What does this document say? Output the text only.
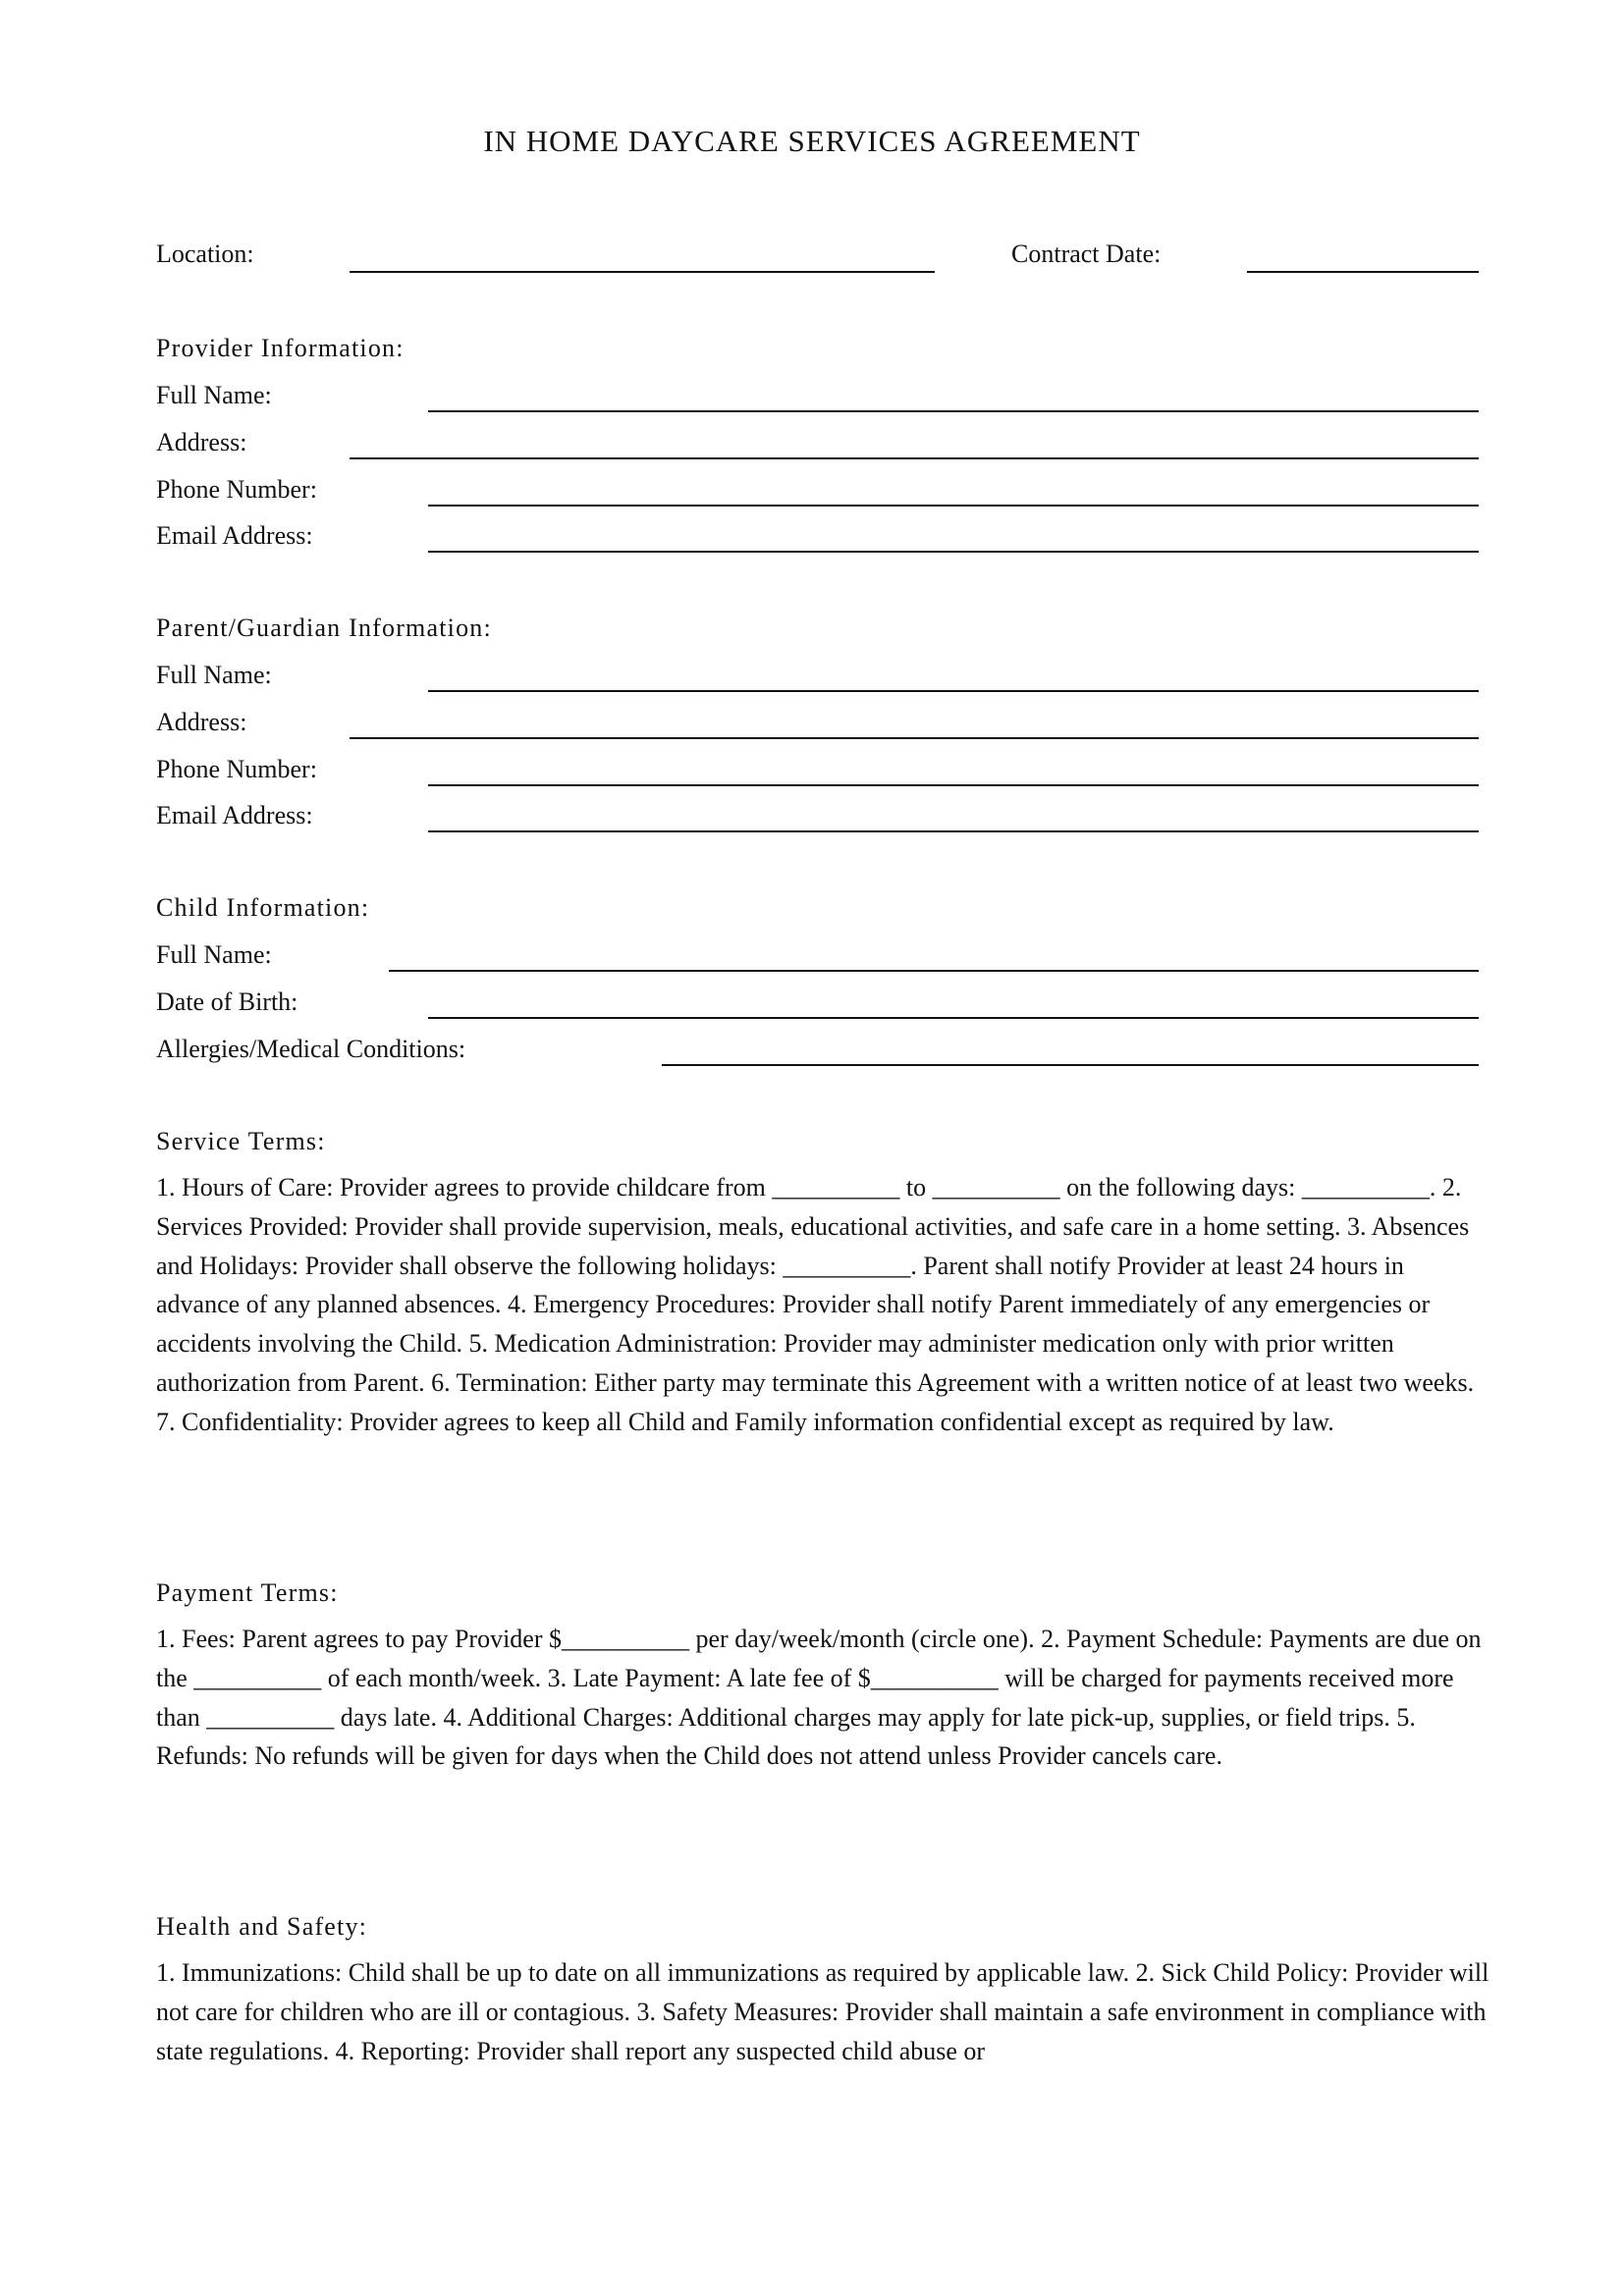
IN HOME DAYCARE SERVICES AGREEMENT
Location:	Contract Date:
Provider Information:
Full Name:
Address:
Phone Number:
Email Address:
Parent/Guardian Information:
Full Name:
Address:
Phone Number:
Email Address:
Child Information:
Full Name:
Date of Birth:
Allergies/Medical Conditions:
Service Terms:
1. Hours of Care: Provider agrees to provide childcare from __________ to __________ on the following days: __________. 2. Services Provided: Provider shall provide supervision, meals, educational activities, and safe care in a home setting. 3. Absences and Holidays: Provider shall observe the following holidays: __________. Parent shall notify Provider at least 24 hours in advance of any planned absences. 4. Emergency Procedures: Provider shall notify Parent immediately of any emergencies or accidents involving the Child. 5. Medication Administration: Provider may administer medication only with prior written authorization from Parent. 6. Termination: Either party may terminate this Agreement with a written notice of at least two weeks. 7. Confidentiality: Provider agrees to keep all Child and Family information confidential except as required by law.
Payment Terms:
1. Fees: Parent agrees to pay Provider $__________ per day/week/month (circle one). 2. Payment Schedule: Payments are due on the __________ of each month/week. 3. Late Payment: A late fee of $__________ will be charged for payments received more than __________ days late. 4. Additional Charges: Additional charges may apply for late pick-up, supplies, or field trips. 5. Refunds: No refunds will be given for days when the Child does not attend unless Provider cancels care.
Health and Safety:
1. Immunizations: Child shall be up to date on all immunizations as required by applicable law. 2. Sick Child Policy: Provider will not care for children who are ill or contagious. 3. Safety Measures: Provider shall maintain a safe environment in compliance with state regulations. 4. Reporting: Provider shall report any suspected child abuse or
